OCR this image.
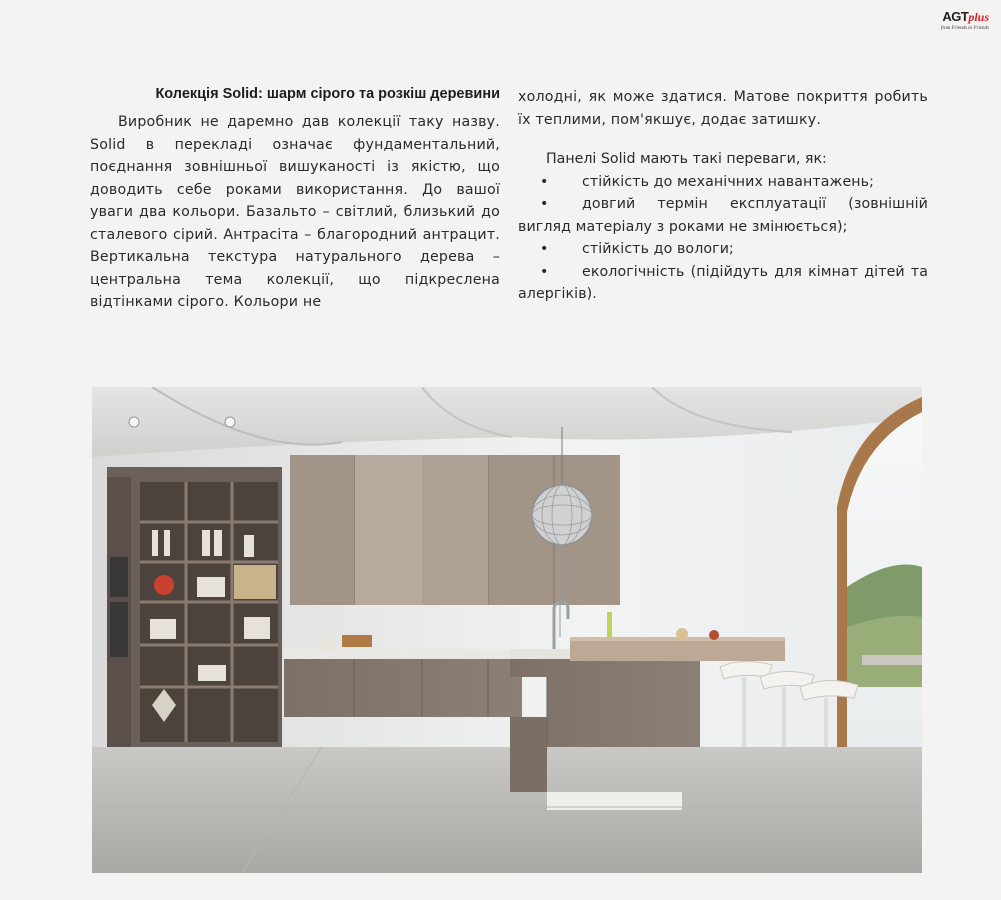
AGTplus
from Friends to Friends
Колекція Solid: шарм сірого та розкіш деревини

Виробник не даремно дав колекції таку назву. Solid в перекладі означає фундаментальний, поєднання зовнішньої вишуканості із якістю, що доводить себе роками використання. До вашої уваги два кольори. Базальто – світлий, близький до сталевого сірий. Антрасіта – благородний антрацит. Вертикальна текстура натурального дерева – центральна тема колекції, що підкреслена відтінками сірого. Кольори не

холодні, як може здатися. Матове покриття робить їх теплими, пом'якшує, додає затишку.

Панелі Solid мають такі переваги, як:

• стійкість до механічних навантажень;
• довгий термін експлуатації (зовнішній вигляд матеріалу з роками не змінюється);
• стійкість до вологи;
• екологічність (підійдуть для кімнат дітей та алергіків).
